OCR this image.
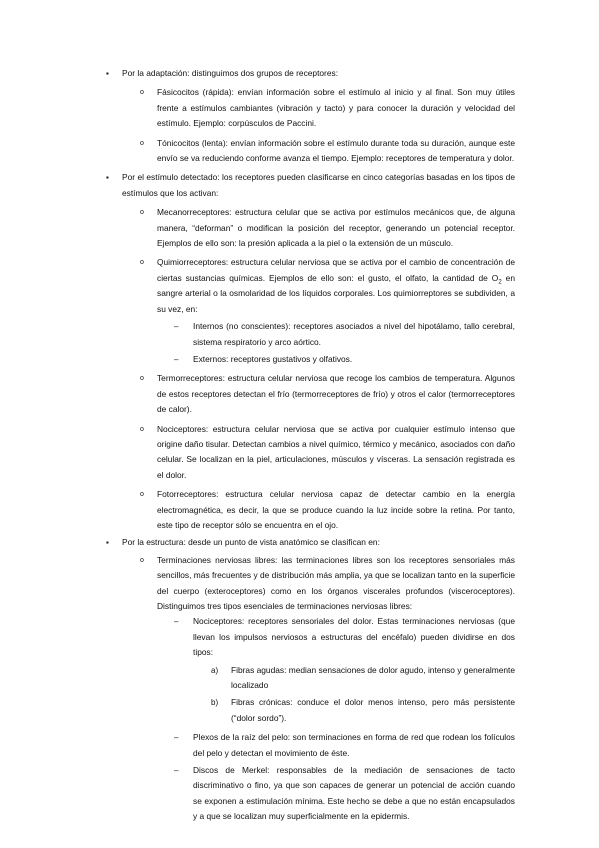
▪ Por la adaptación: distinguimos dos grupos de receptores:
o Fásicocitos (rápida): envían información sobre el estímulo al inicio y al final. Son muy útiles frente a estímulos cambiantes (vibración y tacto) y para conocer la duración y velocidad del estímulo. Ejemplo: corpúsculos de Paccini.
o Tónicocitos (lenta): envían información sobre el estímulo durante toda su duración, aunque este envío se va reduciendo conforme avanza el tiempo. Ejemplo: receptores de temperatura y dolor.
▪ Por el estímulo detectado: los receptores pueden clasificarse en cinco categorías basadas en los tipos de estímulos que los activan:
o Mecanorreceptores: estructura celular que se activa por estímulos mecánicos que, de alguna manera, “deforman” o modifican la posición del receptor, generando un potencial receptor. Ejemplos de ello son: la presión aplicada a la piel o la extensión de un músculo.
o Quimiorreceptores: estructura celular nerviosa que se activa por el cambio de concentración de ciertas sustancias químicas. Ejemplos de ello son: el gusto, el olfato, la cantidad de $O_2$ en sangre arterial o la osmolaridad de los líquidos corporales. Los quimiorreptores se subdividen, a su vez, en:
– Internos (no conscientes): receptores asociados a nivel del hipotálamo, tallo cerebral, sistema respiratorio y arco aórtico.
– Externos: receptores gustativos y olfativos.
o Termorreceptores: estructura celular nerviosa que recoge los cambios de temperatura. Algunos de estos receptores detectan el frío (termorreceptores de frío) y otros el calor (termorreceptores de calor).
o Nociceptores: estructura celular nerviosa que se activa por cualquier estímulo intenso que origine daño tisular. Detectan cambios a nivel químico, térmico y mecánico, asociados con daño celular. Se localizan en la piel, articulaciones, músculos y vísceras. La sensación registrada es el dolor.
o Fotorreceptores: estructura celular nerviosa capaz de detectar cambio en la energía electromagnética, es decir, la que se produce cuando la luz incide sobre la retina. Por tanto, este tipo de receptor sólo se encuentra en el ojo.
▪ Por la estructura: desde un punto de vista anatómico se clasifican en:
o Terminaciones nerviosas libres: las terminaciones libres son los receptores sensoriales más sencillos, más frecuentes y de distribución más amplia, ya que se localizan tanto en la superficie del cuerpo (exteroceptores) como en los órganos viscerales profundos (visceroceptores). Distinguimos tres tipos esenciales de terminaciones nerviosas libres:
– Nociceptores: receptores sensoriales del dolor. Estas terminaciones nerviosas (que llevan los impulsos nerviosos a estructuras del encéfalo) pueden dividirse en dos tipos:
a) Fibras agudas: median sensaciones de dolor agudo, intenso y generalmente localizado
b) Fibras crónicas: conduce el dolor menos intenso, pero más persistente (“dolor sordo”).
– Plexos de la raíz del pelo: son terminaciones en forma de red que rodean los folículos del pelo y detectan el movimiento de éste.
– Discos de Merkel: responsables de la mediación de sensaciones de tacto discriminativo o fino, ya que son capaces de generar un potencial de acción cuando se exponen a estimulación mínima. Este hecho se debe a que no están encapsulados y a que se localizan muy superficialmente en la epidermis.
